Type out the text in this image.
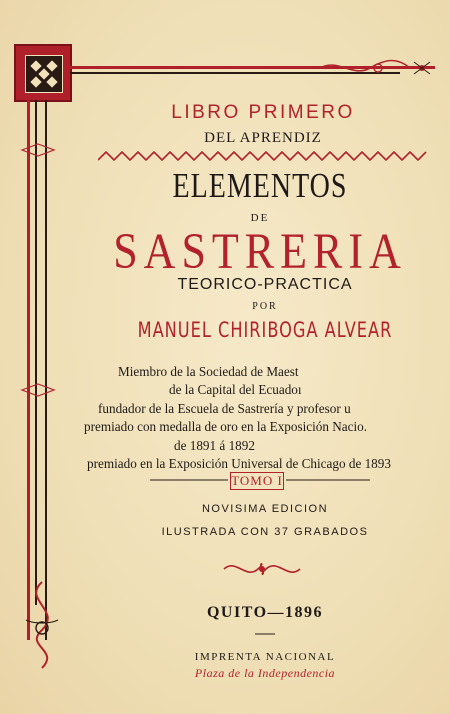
LIBRO PRIMERO
DEL APRENDIZ
ELEMENTOS
DE
SASTRERIA
TEORICO-PRACTICA
POR
MANUEL CHIRIBOGA ALVEAR
Miembro de la Sociedad de Maest
de la Capital del Ecuadoı
fundador de la Escuela de Sastrería y profesor u
premiado con medalla de oro en la Exposición Nacio.
de 1891 á 1892
premiado en la Exposición Universal de Chicago de 1893
TOMO I
NOVISIMA EDICION
ILUSTRADA CON 37 GRABADOS
QUITO—1896
IMPRENTA NACIONAL
Plaza de la Independencia
